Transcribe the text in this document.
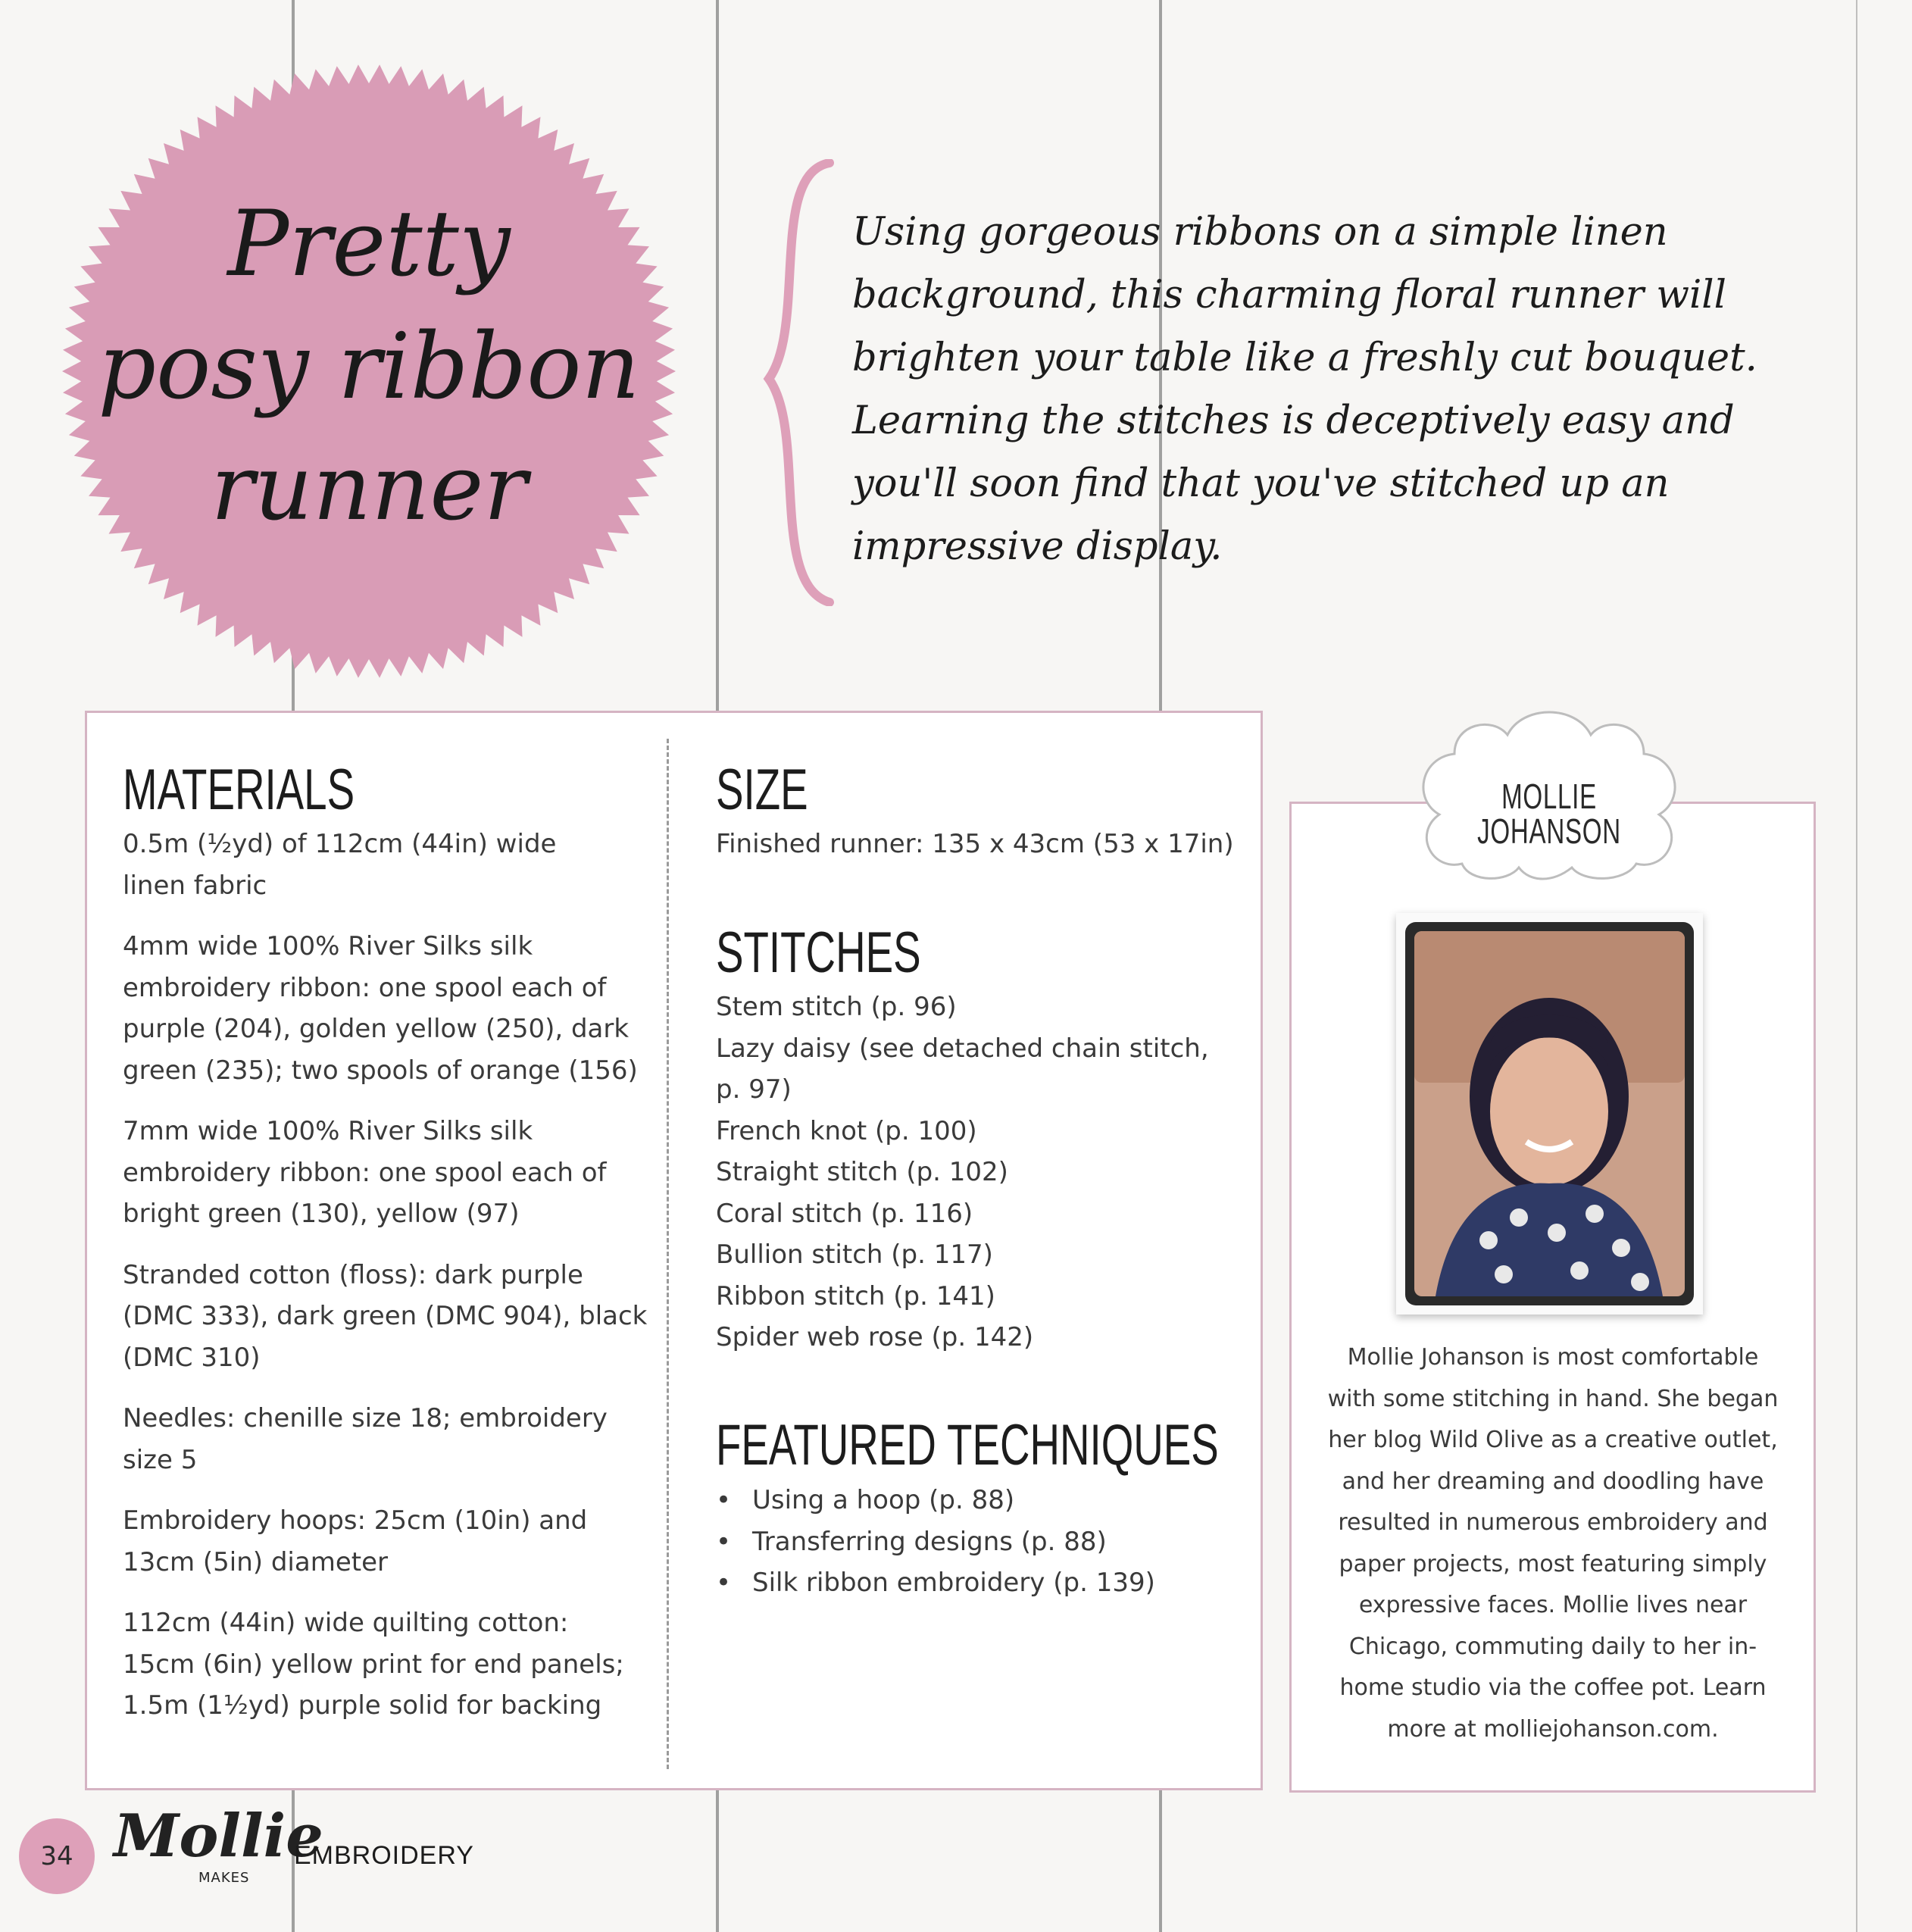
Pretty
posy ribbon
runner
Using gorgeous ribbons on a simple linen
background, this charming floral runner will
brighten your table like a freshly cut bouquet.
Learning the stitches is deceptively easy and
you'll soon find that you've stitched up an
impressive display.
MATERIALS

0.5m (½yd) of 112cm (44in) wide
linen fabric

4mm wide 100% River Silks silk
embroidery ribbon: one spool each of
purple (204), golden yellow (250), dark
green (235); two spools of orange (156)

7mm wide 100% River Silks silk
embroidery ribbon: one spool each of
bright green (130), yellow (97)

Stranded cotton (floss): dark purple
(DMC 333), dark green (DMC 904), black
(DMC 310)

Needles: chenille size 18; embroidery
size 5

Embroidery hoops: 25cm (10in) and
13cm (5in) diameter

112cm (44in) wide quilting cotton:
15cm (6in) yellow print for end panels;
1.5m (1½yd) purple solid for backing

SIZE
Finished runner: 135 x 43cm (53 x 17in)
STITCHES
Stem stitch (p. 96)
Lazy daisy (see detached chain stitch,
p. 97)
French knot (p. 100)
Straight stitch (p. 102)
Coral stitch (p. 116)
Bullion stitch (p. 117)
Ribbon stitch (p. 141)
Spider web rose (p. 142)
FEATURED TECHNIQUES
• Using a hoop (p. 88)
• Transferring designs (p. 88)
• Silk ribbon embroidery (p. 139)
MOLLIE JOHANSON
Mollie Johanson is most comfortable
with some stitching in hand. She began
her blog Wild Olive as a creative outlet,
and her dreaming and doodling have
resulted in numerous embroidery and
paper projects, most featuring simply
expressive faces. Mollie lives near
Chicago, commuting daily to her in-
home studio via the coffee pot. Learn
more at molliejohanson.com.
34 Mollie
MAKES
EMBROIDERY
